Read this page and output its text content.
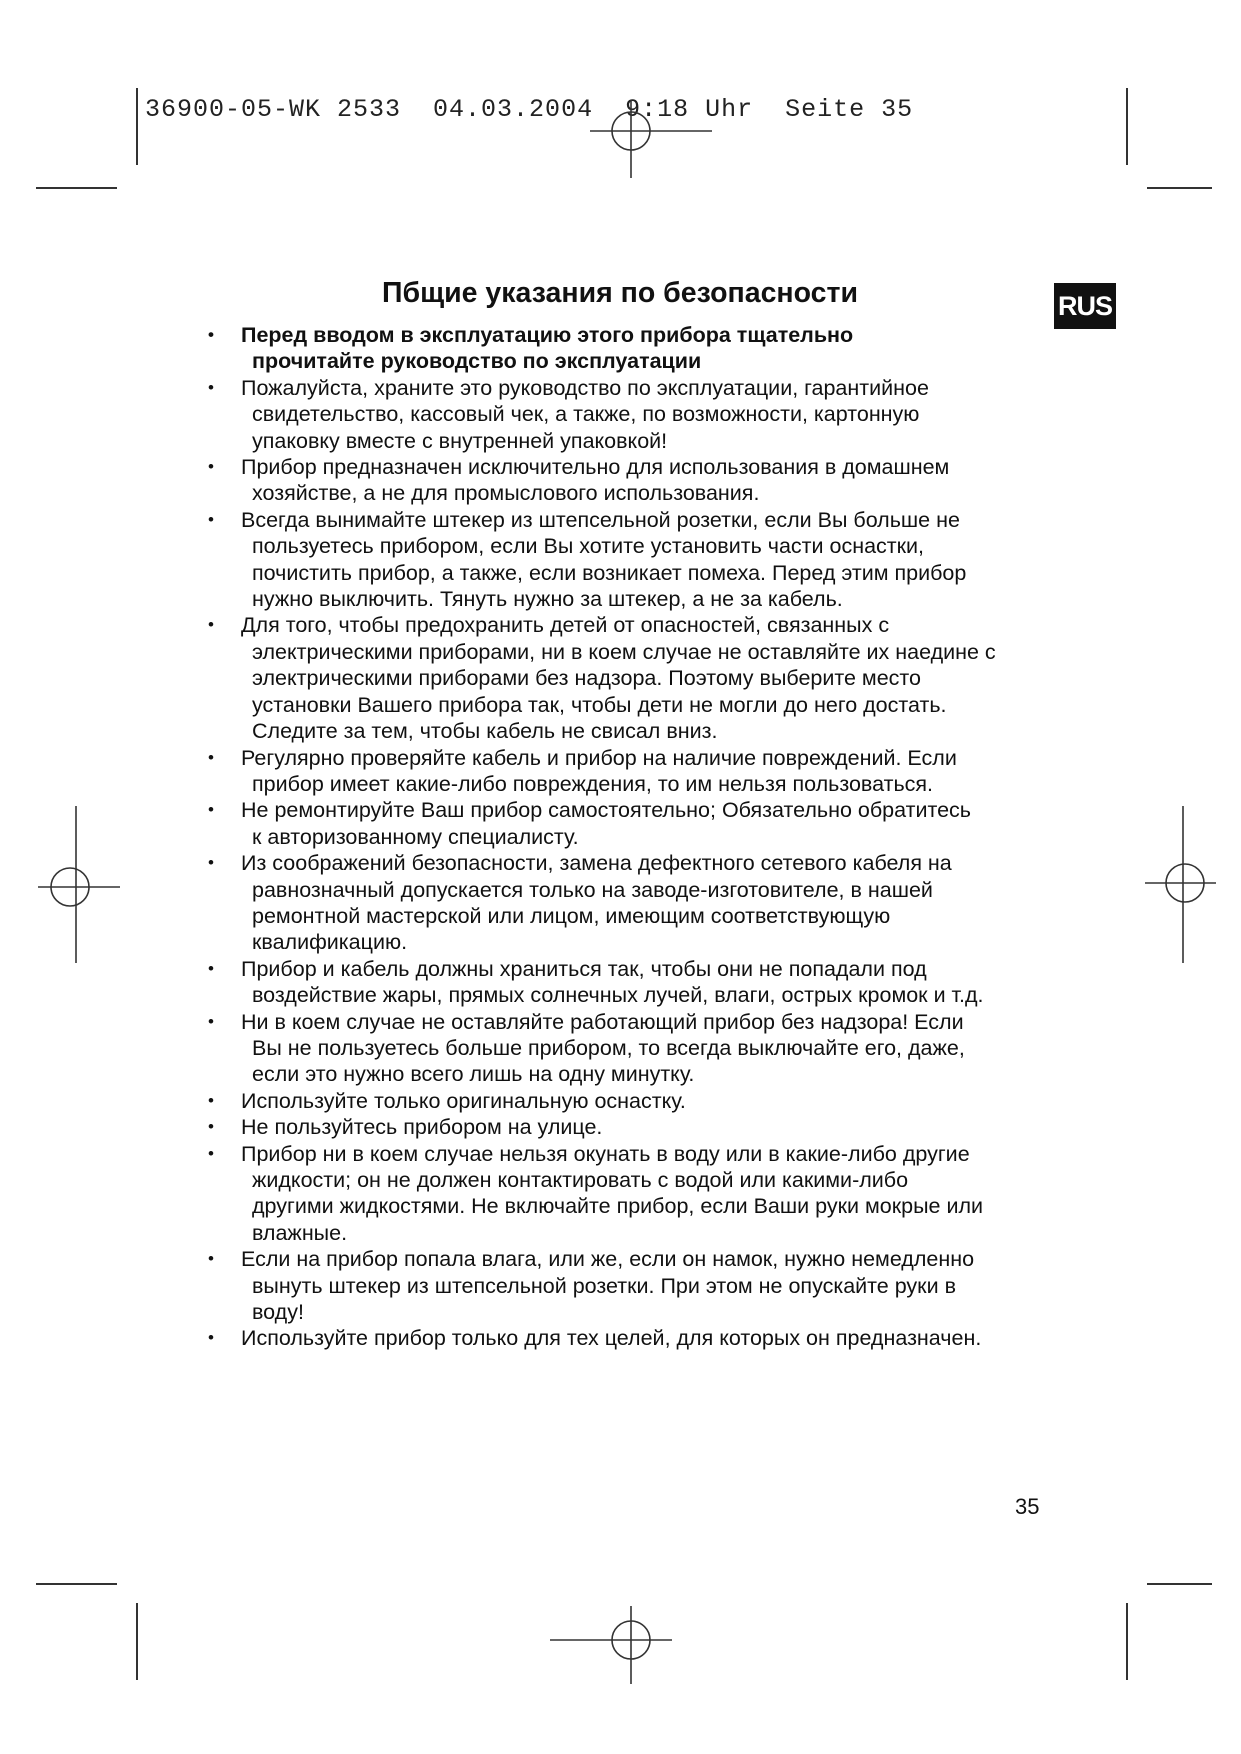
36900-05-WK 2533  04.03.2004  9:18 Uhr  Seite 35

RUS
Пбщие указания по безопасности
• Перед вводом в эксплуатацию этого прибора тщательно
прочитайте руководство по эксплуатации
• Пожалуйста, храните это руководство по эксплуатации, гарантийное
свидетельство, кассовый чек, а также, по возможности, картонную
упаковку вместе с внутренней упаковкой!
• Прибор предназначен исключительно для использования в домашнем
хозяйстве, а не для промыслового использования.
• Всегда вынимайте штекер из штепсельной розетки, если Вы больше не
пользуетесь прибором, если Вы хотите установить части оснастки,
почистить прибор, а также, если возникает помеха. Перед этим прибор
нужно выключить. Тянуть нужно за штекер, а не за кабель.
• Для того, чтобы предохранить детей от опасностей, связанных с
электрическими приборами, ни в коем случае не оставляйте их наедине с
электрическими приборами без надзора. Поэтому выберите место
установки Вашего прибора так, чтобы дети не могли до него достать.
Следите за тем, чтобы кабель не свисал вниз.
• Регулярно проверяйте кабель и прибор на наличие повреждений. Если
прибор имеет какие-либо повреждения, то им нельзя пользоваться.
• Не ремонтируйте Ваш прибор самостоятельно; Обязательно обратитесь
к авторизованному специалисту.
• Из соображений безопасности, замена дефектного сетевого кабеля на
равнозначный допускается только на заводе-изготовителе, в нашей
ремонтной мастерской или лицом, имеющим соответствующую
квалификацию.
• Прибор и кабель должны храниться так, чтобы они не попадали под
воздействие жары, прямых солнечных лучей, влаги, острых кромок и т.д.
• Ни в коем случае не оставляйте работающий прибор без надзора! Если
Вы не пользуетесь больше прибором, то всегда выключайте его, даже,
если это нужно всего лишь на одну минутку.
• Используйте только оригинальную оснастку.
• Не пользуйтесь прибором на улице.
• Прибор ни в коем случае нельзя окунать в воду или в какие-либо другие
жидкости; он не должен контактировать с водой или какими-либо
другими жидкостями. Не включайте прибор, если Ваши руки мокрые или
влажные.
• Если на прибор попала влага, или же, если он намок, нужно немедленно
вынуть штекер из штепсельной розетки. При этом не опускайте руки в
воду!
• Используйте прибор только для тех целей, для которых он предназначен.

35
